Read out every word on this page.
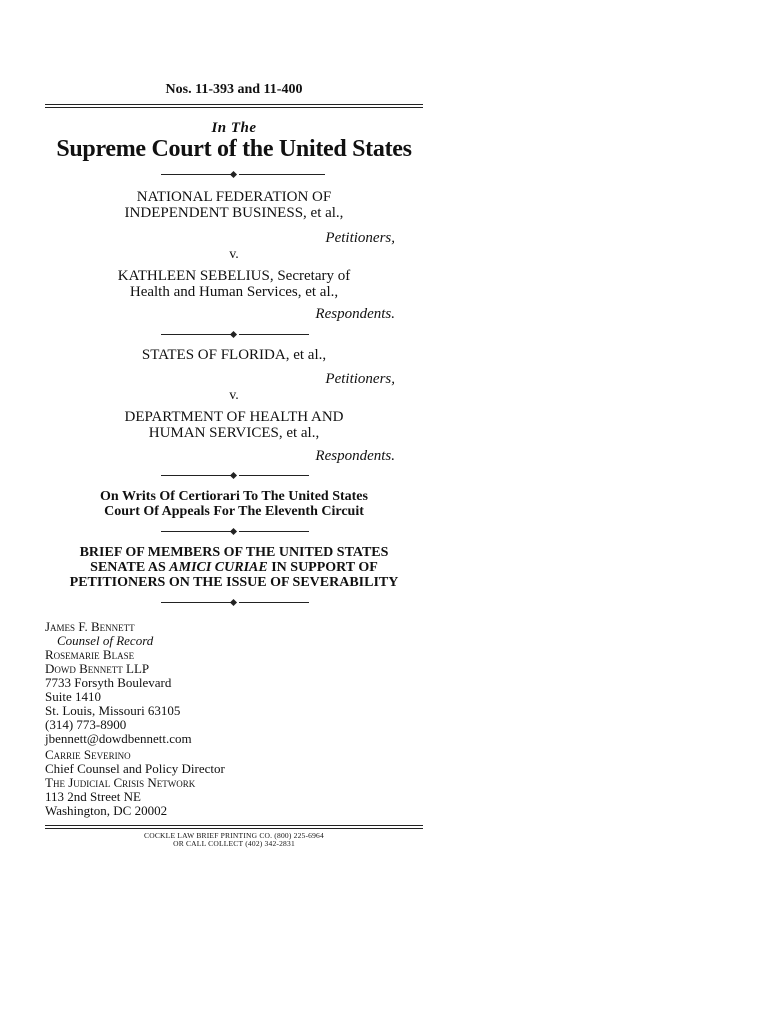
Nos. 11-393 and 11-400
In The
Supreme Court of the United States
NATIONAL FEDERATION OF
INDEPENDENT BUSINESS, et al.,
Petitioners,
v.
KATHLEEN SEBELIUS, Secretary of
Health and Human Services, et al.,
Respondents.
STATES OF FLORIDA, et al.,
Petitioners,
v.
DEPARTMENT OF HEALTH AND
HUMAN SERVICES, et al.,
Respondents.
On Writs Of Certiorari To The United States
Court Of Appeals For The Eleventh Circuit
BRIEF OF MEMBERS OF THE UNITED STATES
SENATE AS AMICI CURIAE IN SUPPORT OF
PETITIONERS ON THE ISSUE OF SEVERABILITY
James F. Bennett
Counsel of Record
Rosemarie Blase
Dowd Bennett LLP
7733 Forsyth Boulevard
Suite 1410
St. Louis, Missouri 63105
(314) 773-8900
jbennett@dowdbennett.com
Carrie Severino
Chief Counsel and Policy Director
The Judicial Crisis Network
113 2nd Street NE
Washington, DC 20002
COCKLE LAW BRIEF PRINTING CO. (800) 225-6964
OR CALL COLLECT (402) 342-2831
